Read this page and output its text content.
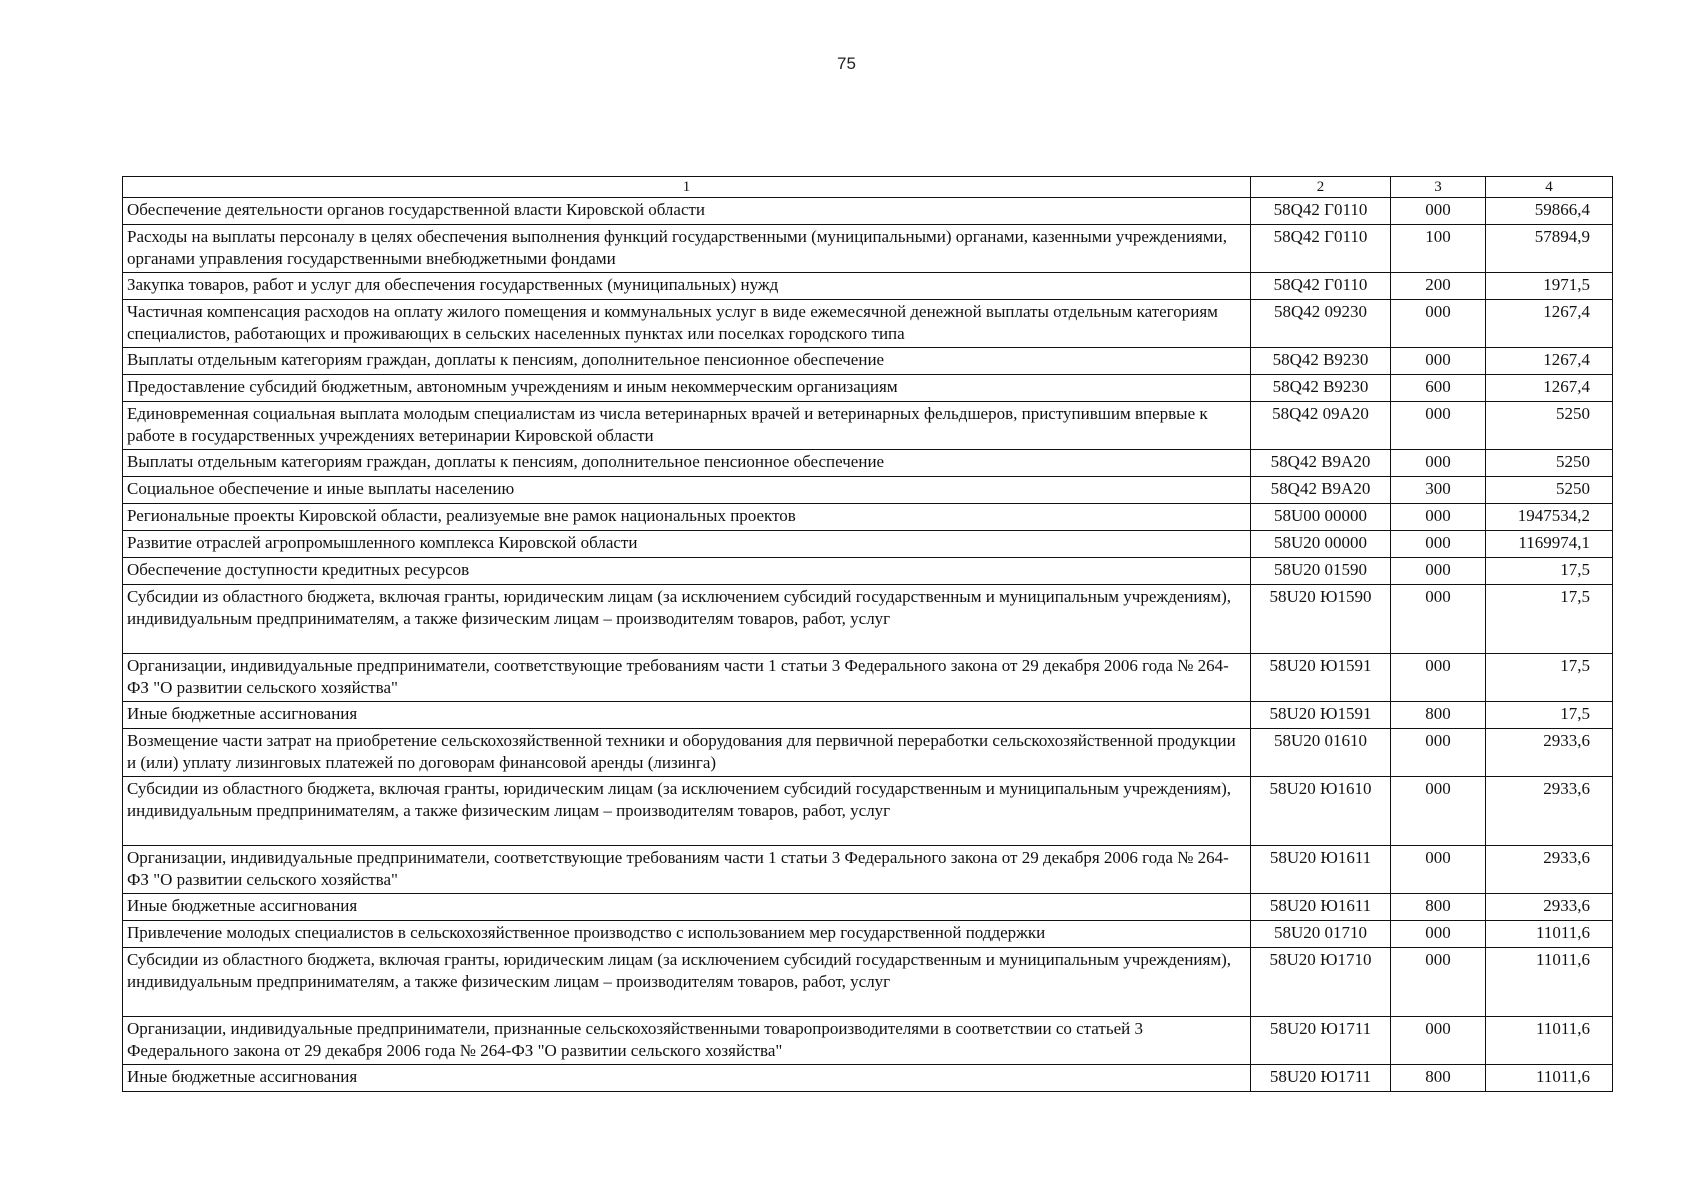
75
1	2	3	4
Обеспечение деятельности органов государственной власти Кировской области	58Q42 Г0110	000	59866,4
Расходы на выплаты персоналу в целях обеспечения выполнения функций государственными (муниципальными) органами, казенными учреждениями, органами управления государственными внебюджетными фондами	58Q42 Г0110	100	57894,9
Закупка товаров, работ и услуг для обеспечения государственных (муниципальных) нужд	58Q42 Г0110	200	1971,5
Частичная компенсация расходов на оплату жилого помещения и коммунальных услуг в виде ежемесячной денежной выплаты отдельным категориям специалистов, работающих и проживающих в сельских населенных пунктах или поселках городского типа	58Q42 09230	000	1267,4
Выплаты отдельным категориям граждан, доплаты к пенсиям, дополнительное пенсионное обеспечение	58Q42 B9230	000	1267,4
Предоставление субсидий бюджетным, автономным учреждениям и иным некоммерческим организациям	58Q42 B9230	600	1267,4
Единовременная социальная выплата молодым специалистам из числа ветеринарных врачей и ветеринарных фельдшеров, приступившим впервые к работе в государственных учреждениях ветеринарии Кировской области	58Q42 09A20	000	5250
Выплаты отдельным категориям граждан, доплаты к пенсиям, дополнительное пенсионное обеспечение	58Q42 B9A20	000	5250
Социальное обеспечение и иные выплаты населению	58Q42 B9A20	300	5250
Региональные проекты Кировской области, реализуемые вне рамок национальных проектов	58U00 00000	000	1947534,2
Развитие отраслей агропромышленного комплекса Кировской области	58U20 00000	000	1169974,1
Обеспечение доступности кредитных ресурсов	58U20 01590	000	17,5
Субсидии из областного бюджета, включая гранты, юридическим лицам (за исключением субсидий государственным и муниципальным учреждениям), индивидуальным предпринимателям, а также физическим лицам – производителям товаров, работ, услуг	58U20 Ю1590	000	17,5
Организации, индивидуальные предприниматели, соответствующие требованиям части 1 статьи 3 Федерального закона от 29 декабря 2006 года № 264-ФЗ "О развитии сельского хозяйства"	58U20 Ю1591	000	17,5
Иные бюджетные ассигнования	58U20 Ю1591	800	17,5
Возмещение части затрат на приобретение сельскохозяйственной техники и оборудования для первичной переработки сельскохозяйственной продукции и (или) уплату лизинговых платежей по договорам финансовой аренды (лизинга)	58U20 01610	000	2933,6
Субсидии из областного бюджета, включая гранты, юридическим лицам (за исключением субсидий государственным и муниципальным учреждениям), индивидуальным предпринимателям, а также физическим лицам – производителям товаров, работ, услуг	58U20 Ю1610	000	2933,6
Организации, индивидуальные предприниматели, соответствующие требованиям части 1 статьи 3 Федерального закона от 29 декабря 2006 года № 264-ФЗ "О развитии сельского хозяйства"	58U20 Ю1611	000	2933,6
Иные бюджетные ассигнования	58U20 Ю1611	800	2933,6
Привлечение молодых специалистов в сельскохозяйственное производство с использованием мер государственной поддержки	58U20 01710	000	11011,6
Субсидии из областного бюджета, включая гранты, юридическим лицам (за исключением субсидий государственным и муниципальным учреждениям), индивидуальным предпринимателям, а также физическим лицам – производителям товаров, работ, услуг	58U20 Ю1710	000	11011,6
Организации, индивидуальные предприниматели, признанные сельскохозяйственными товаропроизводителями в соответствии со статьей 3 Федерального закона от 29 декабря 2006 года № 264-ФЗ "О развитии сельского хозяйства"	58U20 Ю1711	000	11011,6
Иные бюджетные ассигнования	58U20 Ю1711	800	11011,6
